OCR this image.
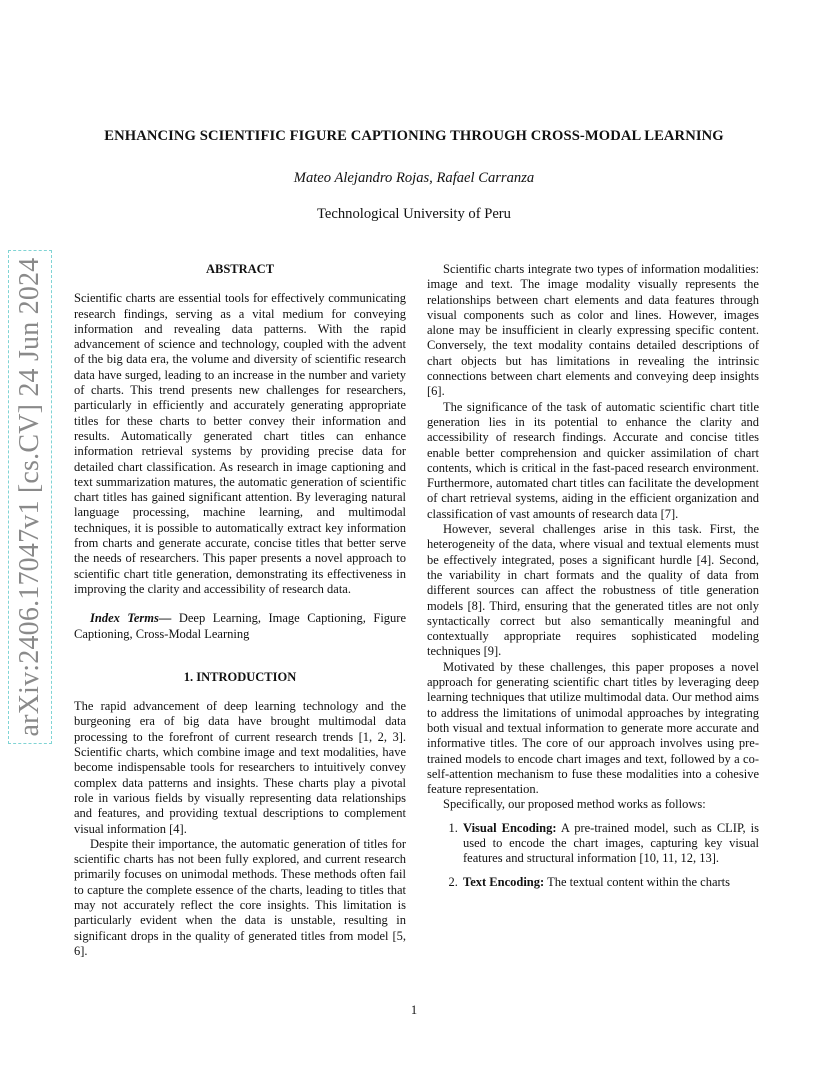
arXiv:2406.17047v1 [cs.CV] 24 Jun 2024
ENHANCING SCIENTIFIC FIGURE CAPTIONING THROUGH CROSS-MODAL LEARNING
Mateo Alejandro Rojas, Rafael Carranza
Technological University of Peru
ABSTRACT

Scientific charts are essential tools for effectively communicating research findings, serving as a vital medium for conveying information and revealing data patterns. With the rapid advancement of science and technology, coupled with the advent of the big data era, the volume and diversity of scientific research data have surged, leading to an increase in the number and variety of charts. This trend presents new challenges for researchers, particularly in efficiently and accurately generating appropriate titles for these charts to better convey their information and results. Automatically generated chart titles can enhance information retrieval systems by providing precise data for detailed chart classification. As research in image captioning and text summarization matures, the automatic generation of scientific chart titles has gained significant attention. By leveraging natural language processing, machine learning, and multimodal techniques, it is possible to automatically extract key information from charts and generate accurate, concise titles that better serve the needs of researchers. This paper presents a novel approach to scientific chart title generation, demonstrating its effectiveness in improving the clarity and accessibility of research data.

Index Terms— Deep Learning, Image Captioning, Figure Captioning, Cross-Modal Learning

1. INTRODUCTION

The rapid advancement of deep learning technology and the burgeoning era of big data have brought multimodal data processing to the forefront of current research trends [1, 2, 3]. Scientific charts, which combine image and text modalities, have become indispensable tools for researchers to intuitively convey complex data patterns and insights. These charts play a pivotal role in various fields by visually representing data relationships and features, and providing textual descriptions to complement visual information [4].

Despite their importance, the automatic generation of titles for scientific charts has not been fully explored, and current research primarily focuses on unimodal methods. These methods often fail to capture the complete essence of the charts, leading to titles that may not accurately reflect the core insights. This limitation is particularly evident when the data is unstable, resulting in significant drops in the quality of generated titles from model [5, 6].

Scientific charts integrate two types of information modalities: image and text. The image modality visually represents the relationships between chart elements and data features through visual components such as color and lines. However, images alone may be insufficient in clearly expressing specific content. Conversely, the text modality contains detailed descriptions of chart objects but has limitations in revealing the intrinsic connections between chart elements and conveying deep insights [6].

The significance of the task of automatic scientific chart title generation lies in its potential to enhance the clarity and accessibility of research findings. Accurate and concise titles enable better comprehension and quicker assimilation of chart contents, which is critical in the fast-paced research environment. Furthermore, automated chart titles can facilitate the development of chart retrieval systems, aiding in the efficient organization and classification of vast amounts of research data [7].

However, several challenges arise in this task. First, the heterogeneity of the data, where visual and textual elements must be effectively integrated, poses a significant hurdle [4]. Second, the variability in chart formats and the quality of data from different sources can affect the robustness of title generation models [8]. Third, ensuring that the generated titles are not only syntactically correct but also semantically meaningful and contextually appropriate requires sophisticated modeling techniques [9].

Motivated by these challenges, this paper proposes a novel approach for generating scientific chart titles by leveraging deep learning techniques that utilize multimodal data. Our method aims to address the limitations of unimodal approaches by integrating both visual and textual information to generate more accurate and informative titles. The core of our approach involves using pre-trained models to encode chart images and text, followed by a co-self-attention mechanism to fuse these modalities into a cohesive feature representation.

Specifically, our proposed method works as follows:

1. Visual Encoding: A pre-trained model, such as CLIP, is used to encode the chart images, capturing key visual features and structural information [10, 11, 12, 13].
2. Text Encoding: The textual content within the charts
1
